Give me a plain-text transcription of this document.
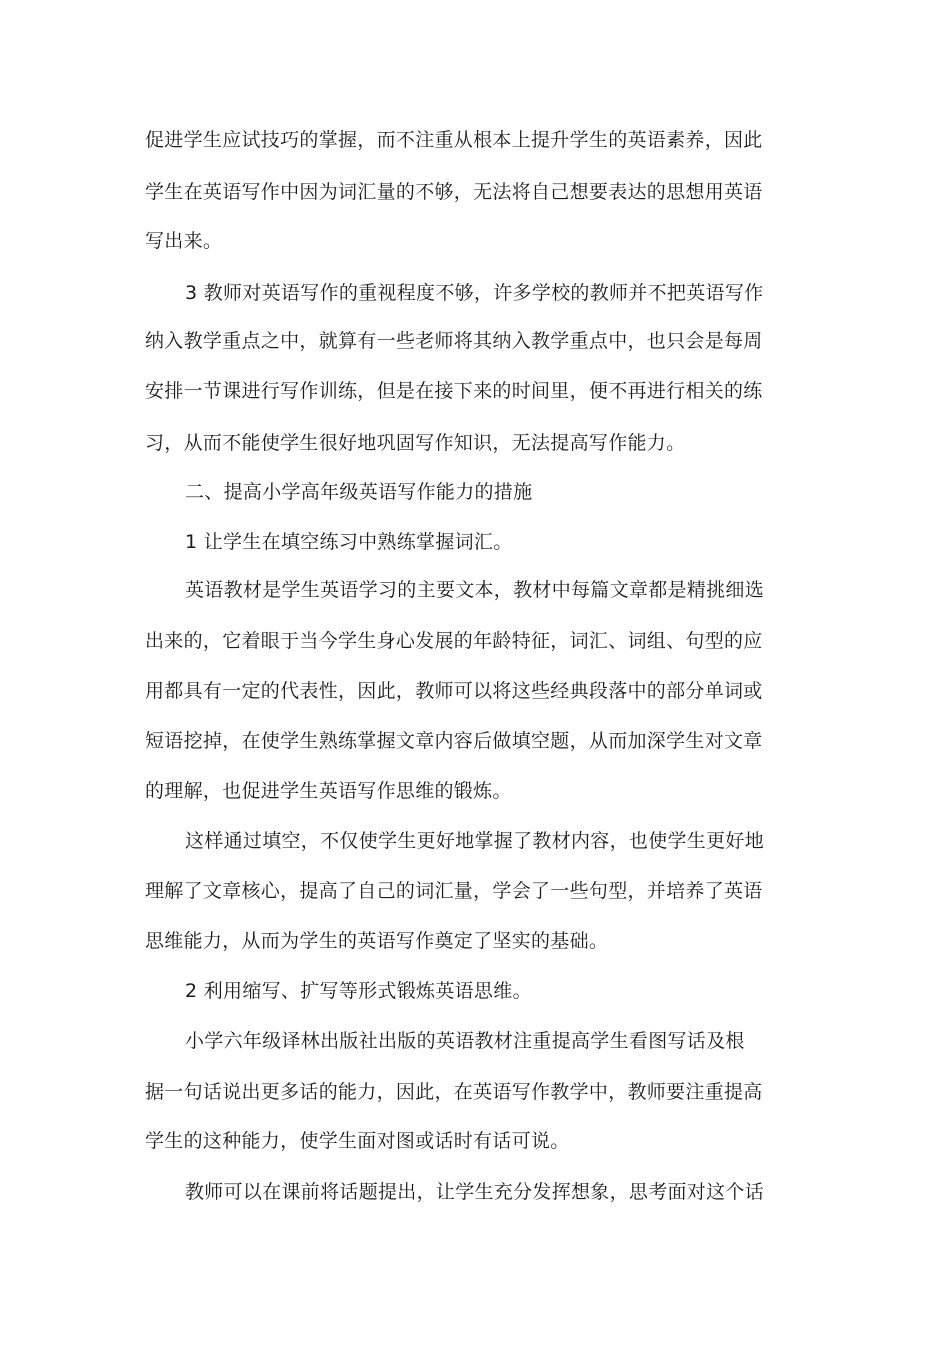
促进学生应试技巧的掌握，而不注重从根本上提升学生的英语素养，因此
学生在英语写作中因为词汇量的不够，无法将自己想要表达的思想用英语
写出来。
3 教师对英语写作的重视程度不够，许多学校的教师并不把英语写作
纳入教学重点之中，就算有一些老师将其纳入教学重点中，也只会是每周
安排一节课进行写作训练，但是在接下来的时间里，便不再进行相关的练
习，从而不能使学生很好地巩固写作知识，无法提高写作能力。
二、提高小学高年级英语写作能力的措施
1 让学生在填空练习中熟练掌握词汇。
英语教材是学生英语学习的主要文本，教材中每篇文章都是精挑细选
出来的，它着眼于当今学生身心发展的年龄特征，词汇、词组、句型的应
用都具有一定的代表性，因此，教师可以将这些经典段落中的部分单词或
短语挖掉，在使学生熟练掌握文章内容后做填空题，从而加深学生对文章
的理解，也促进学生英语写作思维的锻炼。
这样通过填空，不仅使学生更好地掌握了教材内容，也使学生更好地
理解了文章核心，提高了自己的词汇量，学会了一些句型，并培养了英语
思维能力，从而为学生的英语写作奠定了坚实的基础。
2 利用缩写、扩写等形式锻炼英语思维。
小学六年级译林出版社出版的英语教材注重提高学生看图写话及根
据一句话说出更多话的能力，因此，在英语写作教学中，教师要注重提高
学生的这种能力，使学生面对图或话时有话可说。
教师可以在课前将话题提出，让学生充分发挥想象，思考面对这个话
